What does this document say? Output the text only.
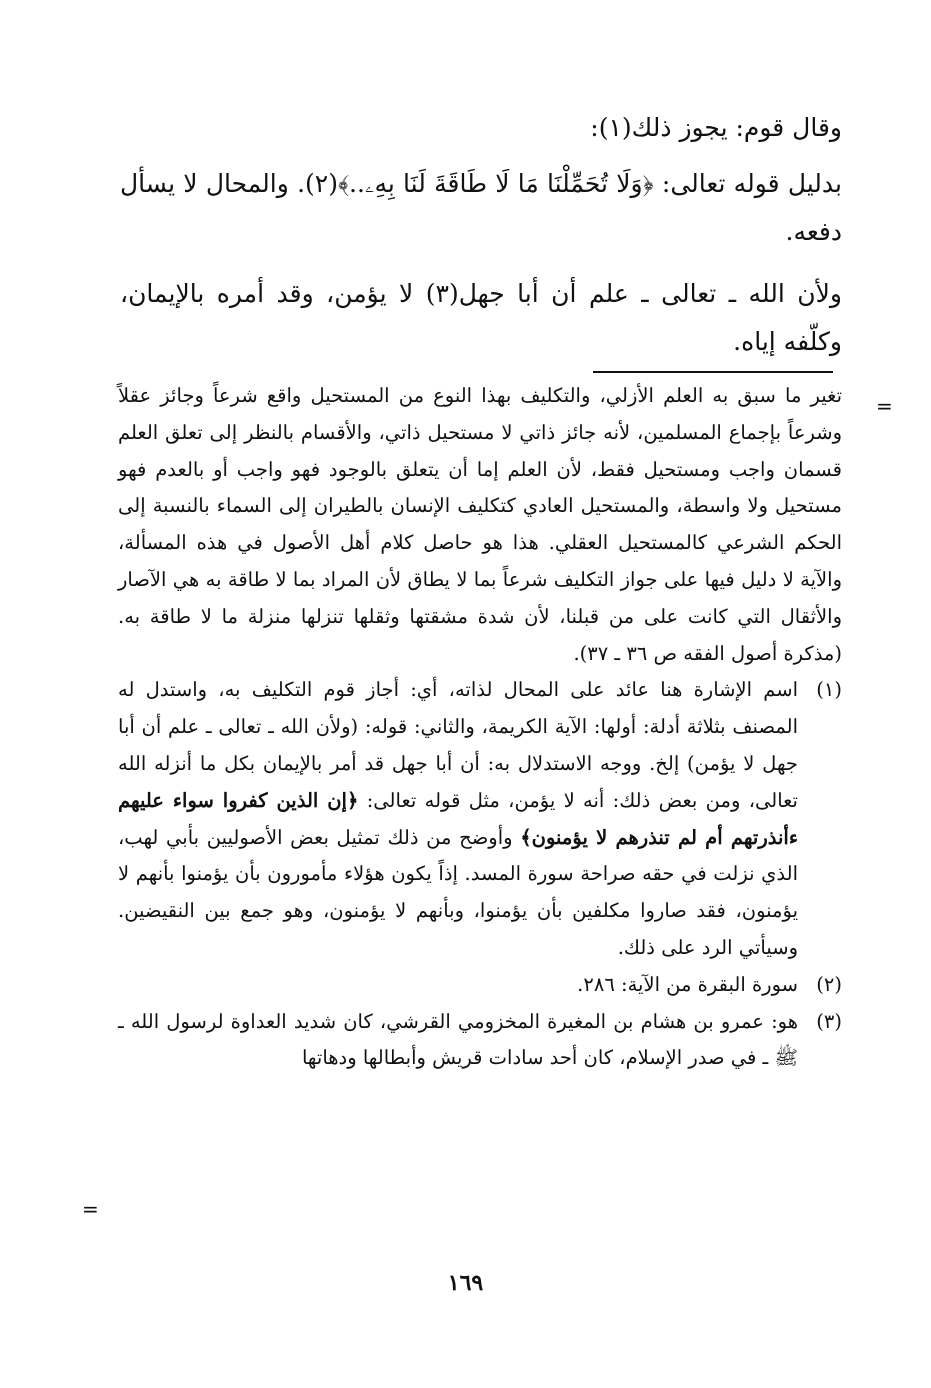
وقال قوم: يجوز ذلك(١):

بدليل قوله تعالى: ﴿وَلَا تُحَمِّلْنَا مَا لَا طَاقَةَ لَنَا بِهِۦ..﴾(٢). والمحال لا يسأل دفعه.

ولأن الله ـ تعالى ـ علم أن أبا جهل(٣) لا يؤمن، وقد أمره بالإيمان، وكلّفه إياه.

=

تغير ما سبق به العلم الأزلي، والتكليف بهذا النوع من المستحيل واقع شرعاً وجائز عقلاً وشرعاً بإجماع المسلمين، لأنه جائز ذاتي لا مستحيل ذاتي، والأقسام بالنظر إلى تعلق العلم قسمان واجب ومستحيل فقط، لأن العلم إما أن يتعلق بالوجود فهو واجب أو بالعدم فهو مستحيل ولا واسطة، والمستحيل العادي كتكليف الإنسان بالطيران إلى السماء بالنسبة إلى الحكم الشرعي كالمستحيل العقلي. هذا هو حاصل كلام أهل الأصول في هذه المسألة، والآية لا دليل فيها على جواز التكليف شرعاً بما لا يطاق لأن المراد بما لا طاقة به هي الآصار والأثقال التي كانت على من قبلنا، لأن شدة مشقتها وثقلها تنزلها منزلة ما لا طاقة به. (مذكرة أصول الفقه ص ٣٦ ـ ٣٧).

(١)
اسم الإشارة هنا عائد على المحال لذاته، أي: أجاز قوم التكليف به، واستدل له المصنف بثلاثة أدلة: أولها: الآية الكريمة، والثاني: قوله: (ولأن الله ـ تعالى ـ علم أن أبا جهل لا يؤمن) إلخ. ووجه الاستدلال به: أن أبا جهل قد أمر بالإيمان بكل ما أنزله الله تعالى، ومن بعض ذلك: أنه لا يؤمن، مثل قوله تعالى: ﴿إن الذين كفروا سواء عليهم ءأنذرتهم أم لم تنذرهم لا يؤمنون﴾ وأوضح من ذلك تمثيل بعض الأصوليين بأبي لهب، الذي نزلت في حقه صراحة سورة المسد. إذاً يكون هؤلاء مأمورون بأن يؤمنوا بأنهم لا يؤمنون، فقد صاروا مكلفين بأن يؤمنوا، وبأنهم لا يؤمنون، وهو جمع بين النقيضين. وسيأتي الرد على ذلك.

(٢)
سورة البقرة من الآية: ٢٨٦.

(٣)
هو: عمرو بن هشام بن المغيرة المخزومي القرشي، كان شديد العداوة لرسول الله ـ ﷺ ـ في صدر الإسلام، كان أحد سادات قريش وأبطالها ودهاتها

=
١٦٩
